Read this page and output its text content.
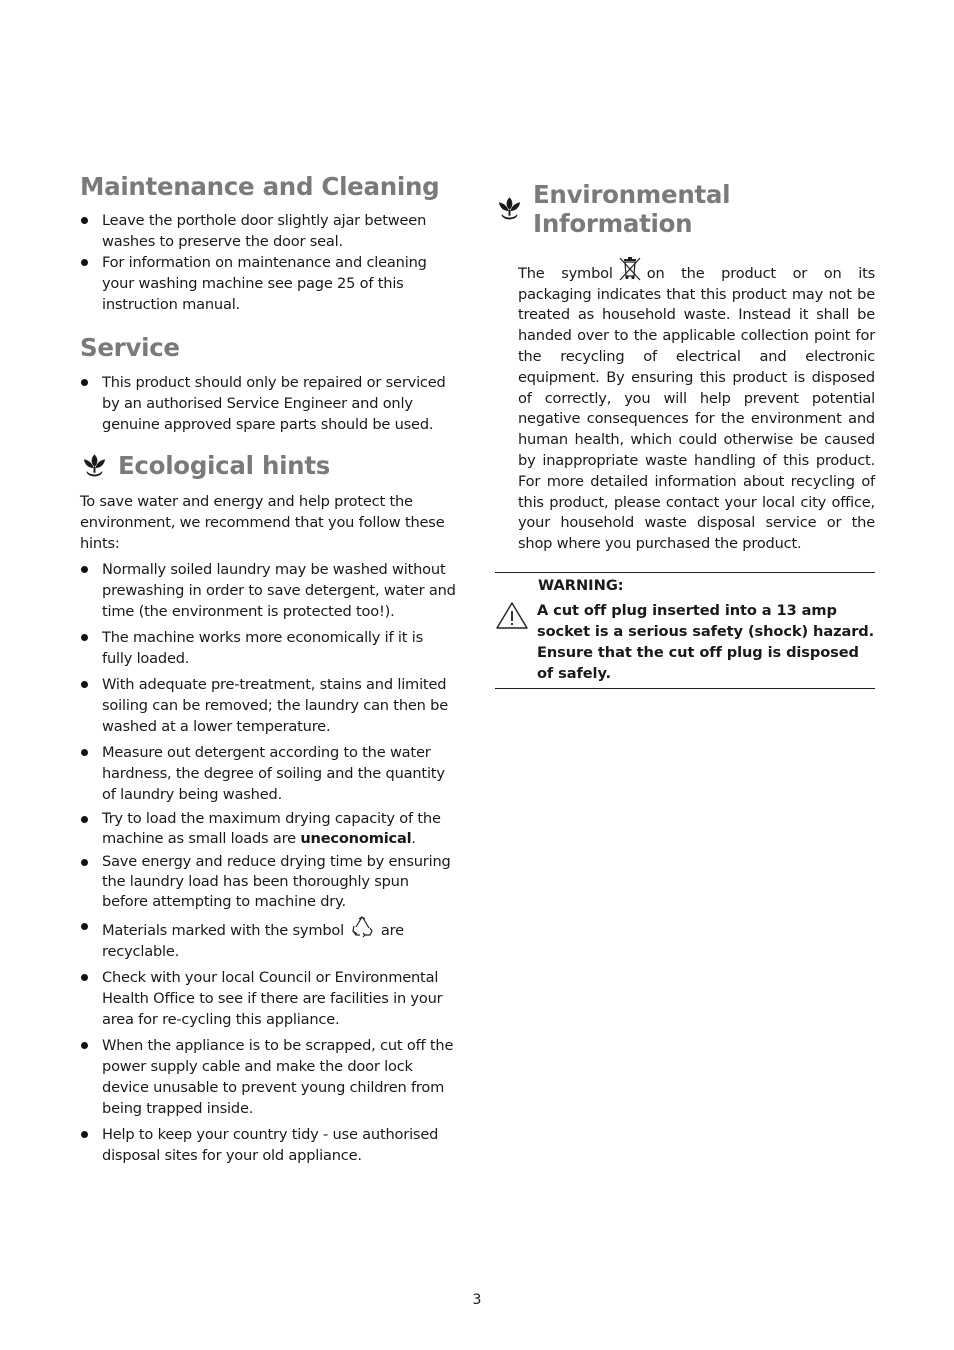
Maintenance and Cleaning
Leave the porthole door slightly ajar between washes to preserve the door seal.
For information on maintenance and cleaning your washing machine see page 25 of this instruction manual.
Service
This product should only be repaired or serviced by an authorised Service Engineer and only genuine approved spare parts should be used.
Ecological hints

To save water and energy and help protect the environment, we recommend that you follow these hints:

Normally soiled laundry may be washed without prewashing in order to save detergent, water and time (the environment is protected too!).
The machine works more economically if it is fully loaded.
With adequate pre-treatment, stains and limited soiling can be removed; the laundry can then be washed at a lower temperature.
Measure out detergent according to the water hardness, the degree of soiling and the quantity of laundry being washed.
Try to load the maximum drying capacity of the machine as small loads are uneconomical.
Save energy and reduce drying time by ensuring the laundry load has been thoroughly spun before attempting to machine dry.
Materials marked with the symbol	are recyclable.
Check with your local Council or Environmental Health Office to see if there are facilities in your area for re-cycling this appliance.
When the appliance is to be scrapped, cut off the power supply cable and make the door lock device unusable to prevent young children from being trapped inside.
Help to keep your country tidy - use authorised disposal sites for your old appliance.
Environmental Information

The symbol on the product or on its packaging indicates that this product may not be treated as household waste. Instead it shall be handed over to the applicable collection point for the recycling of electrical and electronic equipment. By ensuring this product is disposed of correctly, you will help prevent potential negative consequences for the environment and human health, which could otherwise be caused by inappropriate waste handling of this product. For more detailed information about recycling of this product, please contact your local city office, your household waste disposal service or the shop where you purchased the product.

WARNING:
A cut off plug inserted into a 13 amp socket is a serious safety (shock) hazard. Ensure that the cut off plug is disposed of safely.
3
